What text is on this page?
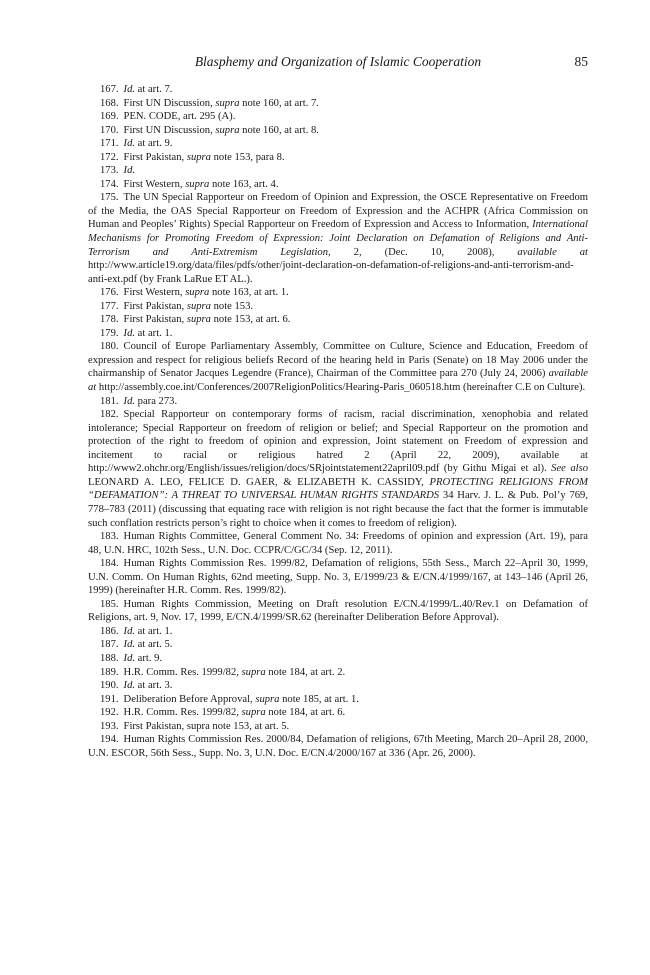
Blasphemy and Organization of Islamic Cooperation	85

167. Id. at art. 7.

168. First UN Discussion, supra note 160, at art. 7.

169. PEN. CODE, art. 295 (A).

170. First UN Discussion, supra note 160, at art. 8.

171. Id. at art. 9.

172. First Pakistan, supra note 153, para 8.

173. Id.

174. First Western, supra note 163, art. 4.

175. The UN Special Rapporteur on Freedom of Opinion and Expression, the OSCE Representative on Freedom of the Media, the OAS Special Rapporteur on Freedom of Expression and the ACHPR (Africa Commission on Human and Peoples’ Rights) Special Rapporteur on Freedom of Expression and Access to Information, International Mechanisms for Promoting Freedom of Expression: Joint Declaration on Defamation of Religions and Anti-Terrorism and Anti-Extremism Legislation, 2, (Dec. 10, 2008), available at http://www.article19.org/data/files/pdfs/other/joint-declaration-on-defamation-of-religions-and-anti-terrorism-and-anti-ext.pdf (by Frank LaRue ET AL.).

176. First Western, supra note 163, at art. 1.

177. First Pakistan, supra note 153.

178. First Pakistan, supra note 153, at art. 6.

179. Id. at art. 1.

180. Council of Europe Parliamentary Assembly, Committee on Culture, Science and Education, Freedom of expression and respect for religious beliefs Record of the hearing held in Paris (Senate) on 18 May 2006 under the chairmanship of Senator Jacques Legendre (France), Chairman of the Committee para 270 (July 24, 2006) available at http://assembly.coe.int/Conferences/2007ReligionPolitics/Hearing-Paris_060518.htm (hereinafter C.E on Culture).

181. Id. para 273.

182. Special Rapporteur on contemporary forms of racism, racial discrimination, xenophobia and related intolerance; Special Rapporteur on freedom of religion or belief; and Special Rapporteur on the promotion and protection of the right to freedom of opinion and expression, Joint statement on Freedom of expression and incitement to racial or religious hatred 2 (April 22, 2009), available at http://www2.ohchr.org/English/issues/religion/docs/SRjointstatement22april09.pdf (by Githu Migai et al). See also LEONARD A. LEO, FELICE D. GAER, & ELIZABETH K. CASSIDY, PROTECTING RELIGIONS FROM “DEFAMATION”: A THREAT TO UNIVERSAL HUMAN RIGHTS STANDARDS 34 Harv. J. L. & Pub. Pol’y 769, 778–783 (2011) (discussing that equating race with religion is not right because the fact that the former is immutable such conflation restricts person’s right to choice when it comes to freedom of religion).

183. Human Rights Committee, General Comment No. 34: Freedoms of opinion and expression (Art. 19), para 48, U.N. HRC, 102th Sess., U.N. Doc. CCPR/C/GC/34 (Sep. 12, 2011).

184. Human Rights Commission Res. 1999/82, Defamation of religions, 55th Sess., March 22–April 30, 1999, U.N. Comm. On Human Rights, 62nd meeting, Supp. No. 3, E/1999/23 & E/CN.4/1999/167, at 143–146 (April 26, 1999) (hereinafter H.R. Comm. Res. 1999/82).

185. Human Rights Commission, Meeting on Draft resolution E/CN.4/1999/L.40/Rev.1 on Defamation of Religions, art. 9, Nov. 17, 1999, E/CN.4/1999/SR.62 (hereinafter Deliberation Before Approval).

186. Id. at art. 1.

187. Id. at art. 5.

188. Id. art. 9.

189. H.R. Comm. Res. 1999/82, supra note 184, at art. 2.

190. Id. at art. 3.

191. Deliberation Before Approval, supra note 185, at art. 1.

192. H.R. Comm. Res. 1999/82, supra note 184, at art. 6.

193. First Pakistan, supra note 153, at art. 5.

194. Human Rights Commission Res. 2000/84, Defamation of religions, 67th Meeting, March 20–April 28, 2000, U.N. ESCOR, 56th Sess., Supp. No. 3, U.N. Doc. E/CN.4/2000/167 at 336 (Apr. 26, 2000).
